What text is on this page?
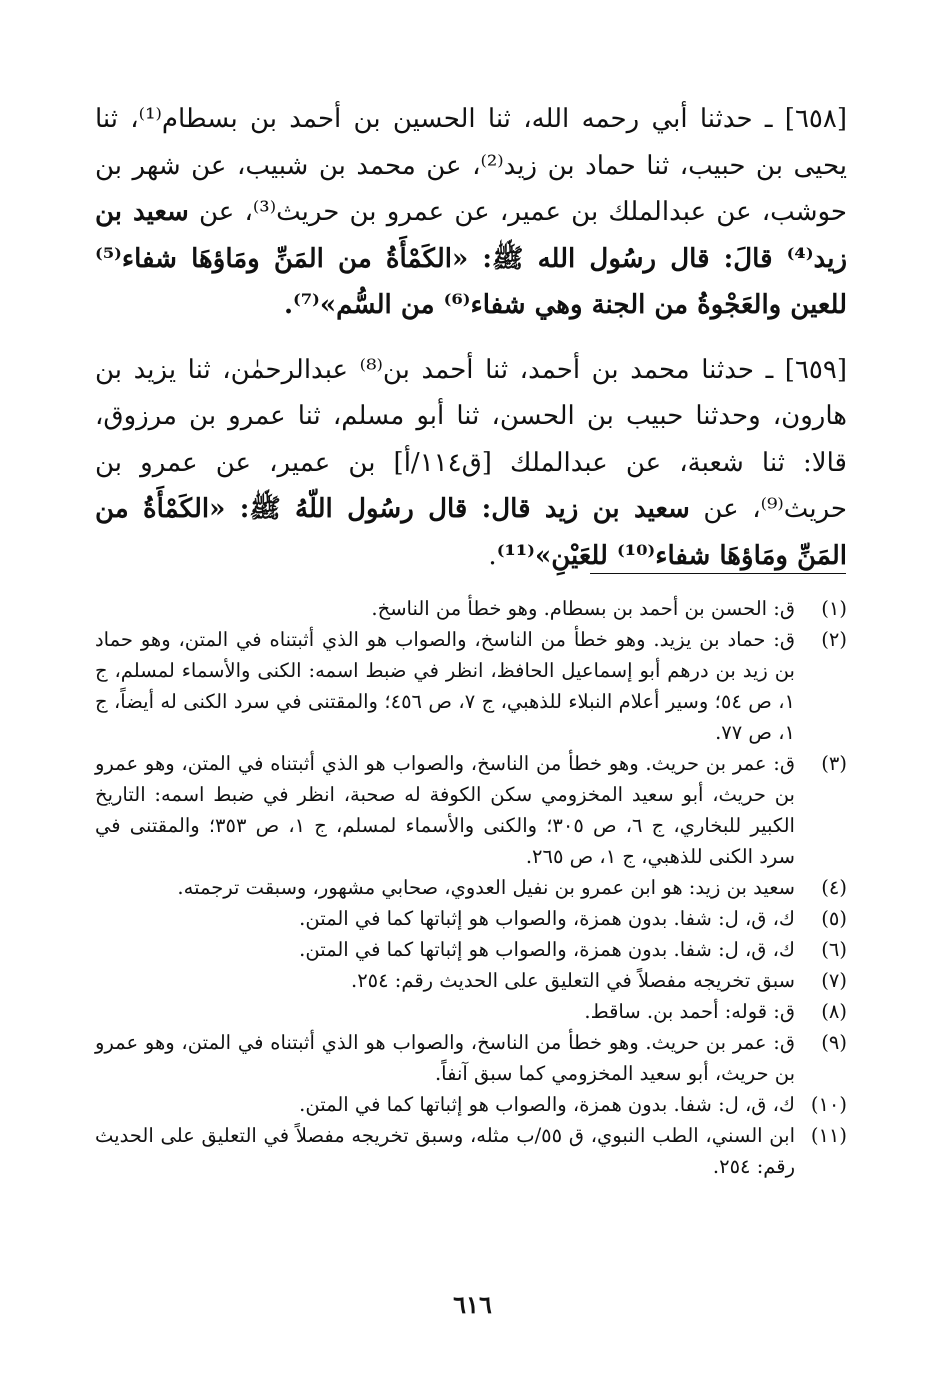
[٦٥٨] ـ حدثنا أبي رحمه الله، ثنا الحسين بن أحمد بن بسطام⁽¹⁾، ثنا يحيى بن حبيب، ثنا حماد بن زيد⁽²⁾، عن محمد بن شبيب، عن شهر بن حوشب، عن عبدالملك بن عمير، عن عمرو بن حريث⁽³⁾، عن سعيد بن زيد⁽⁴⁾ قالَ: قال رسُول الله ﷺ: «الكَمْأَةُ من المَنِّ ومَاؤهَا شفاء⁽⁵⁾ للعين والعَجْوةُ من الجنة وهي شفاء⁽⁶⁾ من السُّم»⁽⁷⁾.

[٦٥٩] ـ حدثنا محمد بن أحمد، ثنا أحمد بن⁽⁸⁾ عبدالرحمٰن، ثنا يزيد بن هارون، وحدثنا حبيب بن الحسن، ثنا أبو مسلم، ثنا عمرو بن مرزوق، قالا: ثنا شعبة، عن عبدالملك [ق١١٤/أ] بن عمير، عن عمرو بن حريث⁽⁹⁾، عن سعيد بن زيد قال: قال رسُول اللّهُ ﷺ: «الكَمْأَةُ من المَنِّ ومَاؤهَا شفاء⁽¹⁰⁾ للعَيْنِ»⁽¹¹⁾.

(١)
ق: الحسن بن أحمد بن بسطام. وهو خطأ من الناسخ.
(٢)
ق: حماد بن يزيد. وهو خطأ من الناسخ، والصواب هو الذي أثبتناه في المتن، وهو حماد بن زيد بن درهم أبو إسماعيل الحافظ، انظر في ضبط اسمه: الكنى والأسماء لمسلم، ج ١، ص ٥٤؛ وسير أعلام النبلاء للذهبي، ج ٧، ص ٤٥٦؛ والمقتنى في سرد الكنى له أيضاً، ج ١، ص ٧٧.
(٣)
ق: عمر بن حريث. وهو خطأ من الناسخ، والصواب هو الذي أثبتناه في المتن، وهو عمرو بن حريث، أبو سعيد المخزومي سكن الكوفة له صحبة، انظر في ضبط اسمه: التاريخ الكبير للبخاري، ج ٦، ص ٣٠٥؛ والكنى والأسماء لمسلم، ج ١، ص ٣٥٣؛ والمقتنى في سرد الكنى للذهبي، ج ١، ص ٢٦٥.
(٤)
سعيد بن زيد: هو ابن عمرو بن نفيل العدوي، صحابي مشهور، وسبقت ترجمته.
(٥)
ك، ق، ل: شفا. بدون همزة، والصواب هو إثباتها كما في المتن.
(٦)
ك، ق، ل: شفا. بدون همزة، والصواب هو إثباتها كما في المتن.
(٧)
سبق تخريجه مفصلاً في التعليق على الحديث رقم: ٢٥٤.
(٨)
ق: قوله: أحمد بن. ساقط.
(٩)
ق: عمر بن حريث. وهو خطأ من الناسخ، والصواب هو الذي أثبتناه في المتن، وهو عمرو بن حريث، أبو سعيد المخزومي كما سبق آنفاً.
(١٠)
ك، ق، ل: شفا. بدون همزة، والصواب هو إثباتها كما في المتن.
(١١)
ابن السني، الطب النبوي، ق ٥٥/ب مثله، وسبق تخريجه مفصلاً في التعليق على الحديث رقم: ٢٥٤.
٦١٦
